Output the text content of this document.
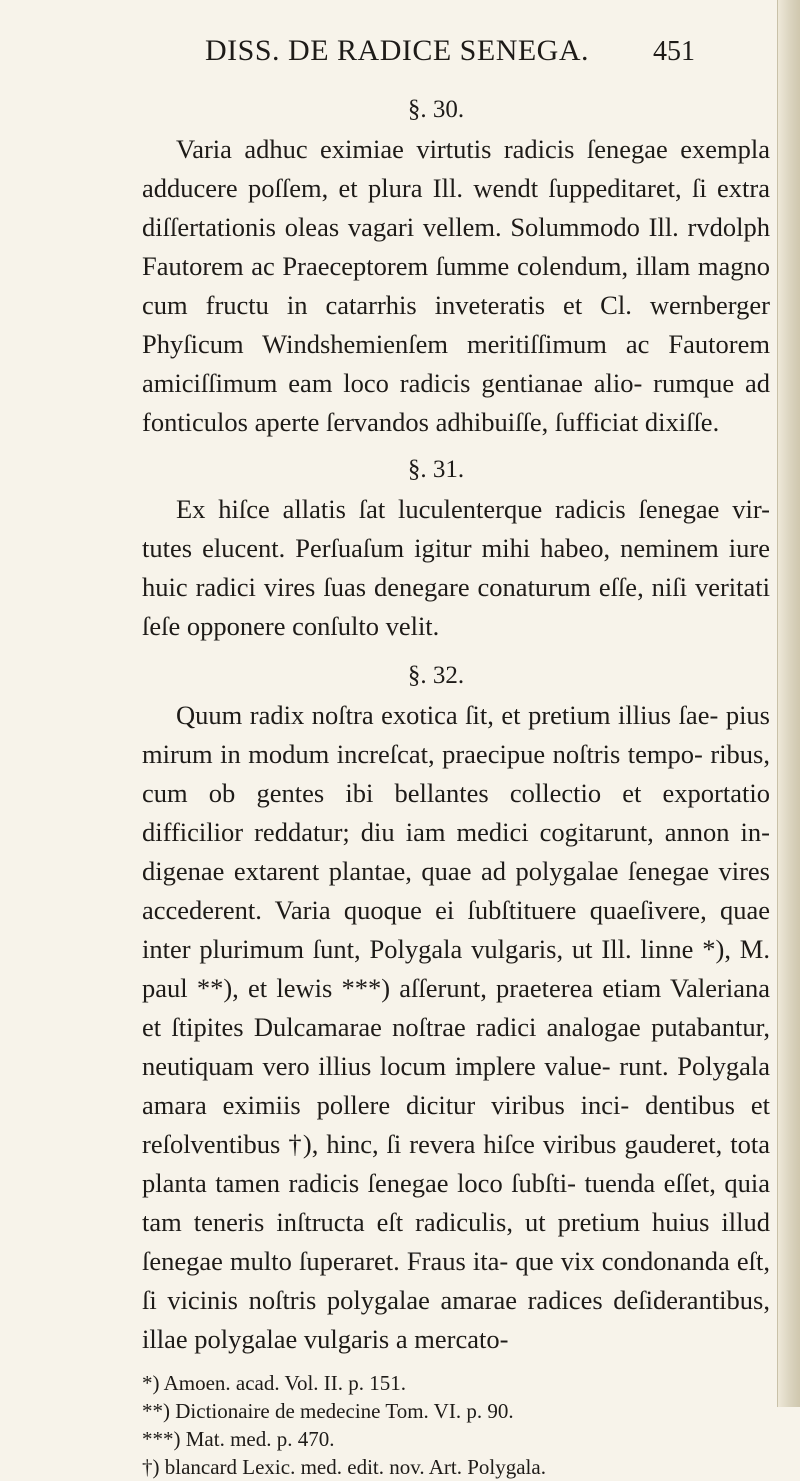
DISS. DE RADICE SENEGA. 451
§. 30.

Varia adhuc eximiae virtutis radicis ſenegae exempla adducere poſſem, et plura Ill. wendt ſuppeditaret, ſi extra diſſertationis oleas vagari vellem. Solummodo Ill. rvdolph Fautorem ac Praeceptorem ſumme colendum, illam magno cum fructu in catarrhis inveteratis et Cl. wernberger Phyſicum Windshemienſem meritiſſimum ac Fautorem amiciſſimum eam loco radicis gentianae alio- rumque ad fonticulos aperte ſervandos adhibuiſſe, ſufficiat dixiſſe.

§. 31.

Ex hiſce allatis ſat luculenterque radicis ſenegae vir- tutes elucent. Perſuaſum igitur mihi habeo, neminem iure huic radici vires ſuas denegare conaturum eſſe, niſi veritati ſeſe opponere conſulto velit.

§. 32.

Quum radix noſtra exotica ſit, et pretium illius ſae- pius mirum in modum increſcat, praecipue noſtris tempo- ribus, cum ob gentes ibi bellantes collectio et exportatio difficilior reddatur; diu iam medici cogitarunt, annon in- digenae extarent plantae, quae ad polygalae ſenegae vires accederent. Varia quoque ei ſubſtituere quaeſivere, quae inter plurimum ſunt, Polygala vulgaris, ut Ill. linne *), M. paul **), et lewis ***) aſſerunt, praeterea etiam Valeriana et ſtipites Dulcamarae noſtrae radici analogae putabantur, neutiquam vero illius locum implere value- runt. Polygala amara eximiis pollere dicitur viribus inci- dentibus et reſolventibus †), hinc, ſi revera hiſce viribus gauderet, tota planta tamen radicis ſenegae loco ſubſti- tuenda eſſet, quia tam teneris inſtructa eſt radiculis, ut pretium huius illud ſenegae multo ſuperaret. Fraus ita- que vix condonanda eſt, ſi vicinis noſtris polygalae amarae radices deſiderantibus, illae polygalae vulgaris a mercato-

*) Amoen. acad. Vol. II. p. 151.

**) Dictionaire de medecine Tom. VI. p. 90.

***) Mat. med. p. 470.

†) blancard Lexic. med. edit. nov. Art. Polygala.
